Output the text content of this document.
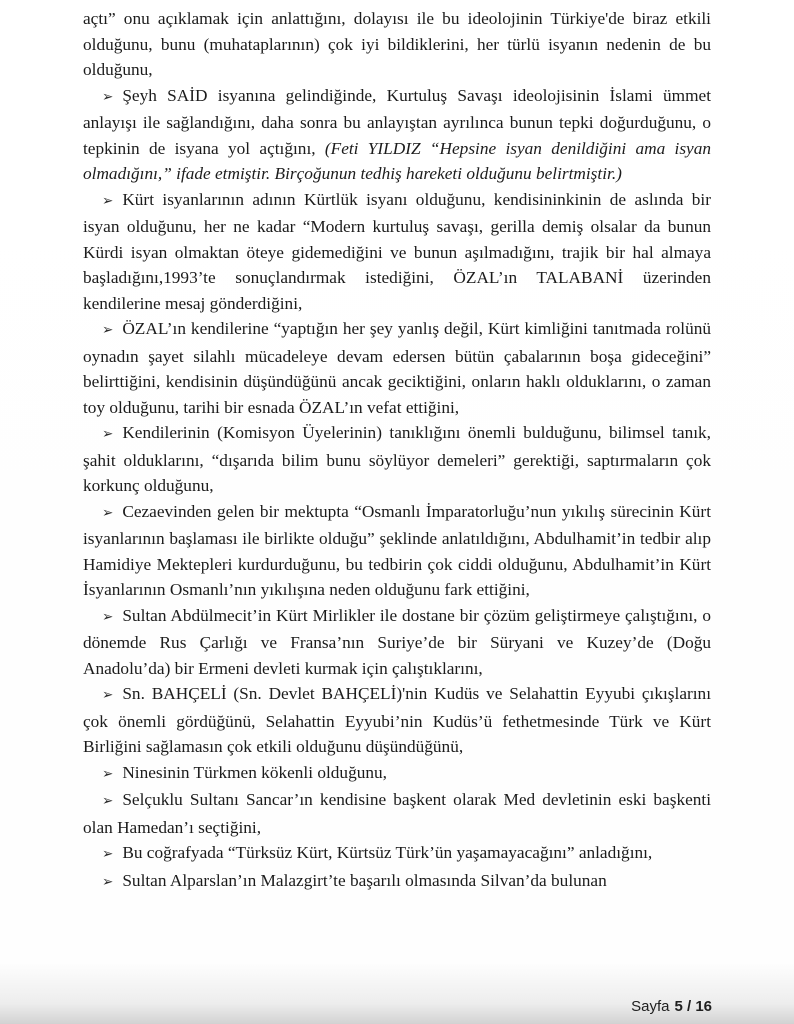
açtı” onu açıklamak için anlattığını, dolayısı ile bu ideolojinin Türkiye'de biraz etkili olduğunu, bunu (muhataplarının) çok iyi bildiklerini, her türlü isyanın nedenin de bu olduğunu,

➢ Şeyh SAİD isyanına gelindiğinde, Kurtuluş Savaşı ideolojisinin İslami ümmet anlayışı ile sağlandığını, daha sonra bu anlayıştan ayrılınca bunun tepki doğurduğunu, o tepkinin de isyana yol açtığını, (Feti YILDIZ “Hepsine isyan denildiğini ama isyan olmadığını,” ifade etmiştir. Birçoğunun tedhiş hareketi olduğunu belirtmiştir.)

➢ Kürt isyanlarının adının Kürtlük isyanı olduğunu, kendisininkinin de aslında bir isyan olduğunu, her ne kadar “Modern kurtuluş savaşı, gerilla demiş olsalar da bunun Kürdi isyan olmaktan öteye gidemediğini ve bunun aşılmadığını, trajik bir hal almaya başladığını,1993’te sonuçlandırmak istediğini, ÖZAL’ın TALABANİ üzerinden kendilerine mesaj gönderdiğini,

➢ ÖZAL’ın kendilerine “yaptığın her şey yanlış değil, Kürt kimliğini tanıtmada rolünü oynadın şayet silahlı mücadeleye devam edersen bütün çabalarının boşa gideceğini” belirttiğini, kendisinin düşündüğünü ancak geciktiğini, onların haklı olduklarını, o zaman toy olduğunu, tarihi bir esnada ÖZAL’ın vefat ettiğini,

➢ Kendilerinin (Komisyon Üyelerinin) tanıklığını önemli bulduğunu, bilimsel tanık, şahit olduklarını, “dışarıda bilim bunu söylüyor demeleri” gerektiği, saptırmaların çok korkunç olduğunu,

➢ Cezaevinden gelen bir mektupta “Osmanlı İmparatorluğu’nun yıkılış sürecinin Kürt isyanlarının başlaması ile birlikte olduğu” şeklinde anlatıldığını, Abdulhamit’in tedbir alıp Hamidiye Mektepleri kurdurduğunu, bu tedbirin çok ciddi olduğunu, Abdulhamit’in Kürt İsyanlarının Osmanlı’nın yıkılışına neden olduğunu fark ettiğini,

➢ Sultan Abdülmecit’in Kürt Mirlikler ile dostane bir çözüm geliştirmeye çalıştığını, o dönemde Rus Çarlığı ve Fransa’nın Suriye’de bir Süryani ve Kuzey’de (Doğu Anadolu’da) bir Ermeni devleti kurmak için çalıştıklarını,

➢ Sn. BAHÇELİ (Sn. Devlet BAHÇELİ)'nin Kudüs ve Selahattin Eyyubi çıkışlarını çok önemli gördüğünü, Selahattin Eyyubi’nin Kudüs’ü fethetmesinde Türk ve Kürt Birliğini sağlamasın çok etkili olduğunu düşündüğünü,

➢ Ninesinin Türkmen kökenli olduğunu,

➢ Selçuklu Sultanı Sancar’ın kendisine başkent olarak Med devletinin eski başkenti olan Hamedan’ı seçtiğini,

➢ Bu coğrafyada “Türksüz Kürt, Kürtsüz Türk’ün yaşamayacağını” anladığını,

➢ Sultan Alparslan’ın Malazgirt’te başarılı olmasında Silvan’da bulunan

Sayfa 5 / 16
